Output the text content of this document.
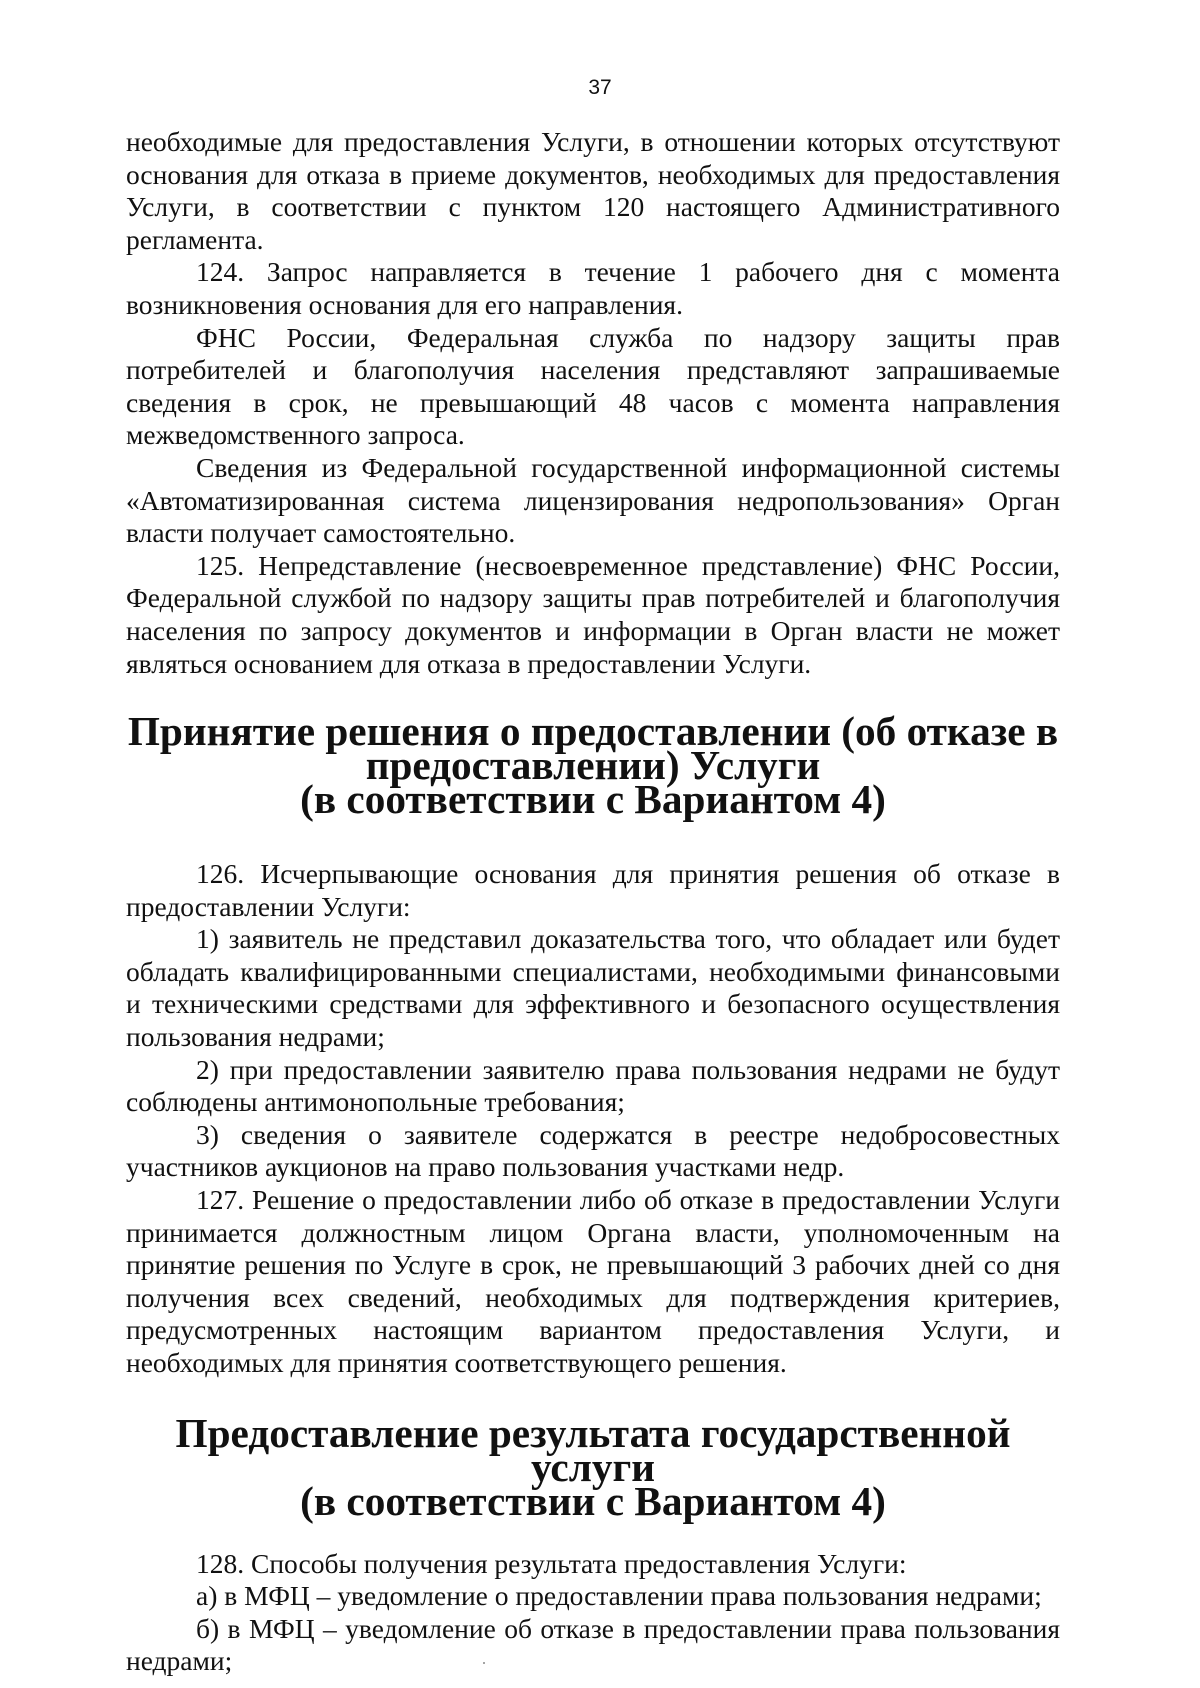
37

необходимые для предоставления Услуги, в отношении которых отсутствуют основания для отказа в приеме документов, необходимых для предоставления Услуги, в соответствии с пунктом 120 настоящего Административного регламента.

124. Запрос направляется в течение 1 рабочего дня с момента возникновения основания для его направления.

ФНС России, Федеральная служба по надзору защиты прав потребителей и благополучия населения представляют запрашиваемые сведения в срок, не превышающий 48 часов с момента направления межведомственного запроса.

Сведения из Федеральной государственной информационной системы «Автоматизированная система лицензирования недропользования» Орган власти получает самостоятельно.

125. Непредставление (несвоевременное представление) ФНС России, Федеральной службой по надзору защиты прав потребителей и благополучия населения по запросу документов и информации в Орган власти не может являться основанием для отказа в предоставлении Услуги.

Принятие решения о предоставлении (об отказе в предоставлении) Услуги
(в соответствии с Вариантом 4)

126. Исчерпывающие основания для принятия решения об отказе в предоставлении Услуги:

1) заявитель не представил доказательства того, что обладает или будет обладать квалифицированными специалистами, необходимыми финансовыми и техническими средствами для эффективного и безопасного осуществления пользования недрами;

2) при предоставлении заявителю права пользования недрами не будут соблюдены антимонопольные требования;

3) сведения о заявителе содержатся в реестре недобросовестных участников аукционов на право пользования участками недр.

127. Решение о предоставлении либо об отказе в предоставлении Услуги принимается должностным лицом Органа власти, уполномоченным на принятие решения по Услуге в срок, не превышающий 3 рабочих дней со дня получения всех сведений, необходимых для подтверждения критериев, предусмотренных настоящим вариантом предоставления Услуги, и необходимых для принятия соответствующего решения.

Предоставление результата государственной услуги
(в соответствии с Вариантом 4)

128. Способы получения результата предоставления Услуги:

а) в МФЦ – уведомление о предоставлении права пользования недрами;

б) в МФЦ – уведомление об отказе в предоставлении права пользования недрами;
